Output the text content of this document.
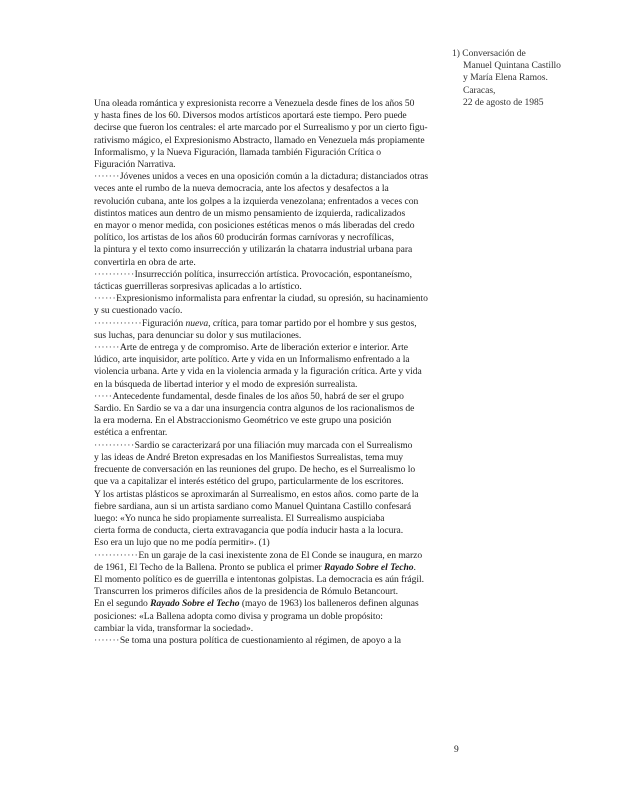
1) Conversación de
Manuel Quintana Castillo
y María Elena Ramos.
Caracas,
22 de agosto de 1985
Una oleada romántica y expresionista recorre a Venezuela desde fines de los años 50
y hasta fines de los 60. Diversos modos artísticos aportará este tiempo. Pero puede
decirse que fueron los centrales: el arte marcado por el Surrealismo y por un cierto figu-
rativismo mágico, el Expresionismo Abstracto, llamado en Venezuela más propiamente
Informalismo, y la Nueva Figuración, llamada también Figuración Crítica o
Figuración Narrativa.
·······Jóvenes unidos a veces en una oposición común a la dictadura; distanciados otras
veces ante el rumbo de la nueva democracia, ante los afectos y desafectos a la
revolución cubana, ante los golpes a la izquierda venezolana; enfrentados a veces con
distintos matices aun dentro de un mismo pensamiento de izquierda, radicalizados
en mayor o menor medida, con posiciones estéticas menos o más liberadas del credo
político, los artistas de los años 60 producirán formas carnívoras y necrofílicas,
la pintura y el texto como insurrección y utilizarán la chatarra industrial urbana para
convertirla en obra de arte.
···········Insurrección política, insurrección artística. Provocación, espontaneísmo,
tácticas guerrilleras sorpresivas aplicadas a lo artístico.
······Expresionismo informalista para enfrentar la ciudad, su opresión, su hacinamiento
y su cuestionado vacío.
·············Figuración nueva, crítica, para tomar partido por el hombre y sus gestos,
sus luchas, para denunciar su dolor y sus mutilaciones.
·······Arte de entrega y de compromiso. Arte de liberación exterior e interior. Arte
lúdico, arte inquisidor, arte político. Arte y vida en un Informalismo enfrentado a la
violencia urbana. Arte y vida en la violencia armada y la figuración crítica. Arte y vida
en la búsqueda de libertad interior y el modo de expresión surrealista.
·····Antecedente fundamental, desde finales de los años 50, habrá de ser el grupo
Sardio. En Sardio se va a dar una insurgencia contra algunos de los racionalismos de
la era moderna. En el Abstraccionismo Geométrico ve este grupo una posición
estética a enfrentar.
···········Sardio se caracterizará por una filiación muy marcada con el Surrealismo
y las ideas de André Breton expresadas en los Manifiestos Surrealistas, tema muy
frecuente de conversación en las reuniones del grupo. De hecho, es el Surrealismo lo
que va a capitalizar el interés estético del grupo, particularmente de los escritores.
Y los artistas plásticos se aproximarán al Surrealismo, en estos años. como parte de la
fiebre sardiana, aun si un artista sardiano como Manuel Quintana Castillo confesará
luego: «Yo nunca he sido propiamente surrealista. El Surrealismo auspiciaba
cierta forma de conducta, cierta extravagancia que podía inducir hasta a la locura.
Eso era un lujo que no me podía permitir». (1)
············En un garaje de la casi inexistente zona de El Conde se inaugura, en marzo
de 1961, El Techo de la Ballena. Pronto se publica el primer Rayado Sobre el Techo.
El momento político es de guerrilla e intentonas golpistas. La democracia es aún frágil.
Transcurren los primeros difíciles años de la presidencia de Rómulo Betancourt.
En el segundo Rayado Sobre el Techo (mayo de 1963) los balleneros definen algunas
posiciones: «La Ballena adopta como divisa y programa un doble propósito:
cambiar la vida, transformar la sociedad».
·······Se toma una postura política de cuestionamiento al régimen, de apoyo a la
9
